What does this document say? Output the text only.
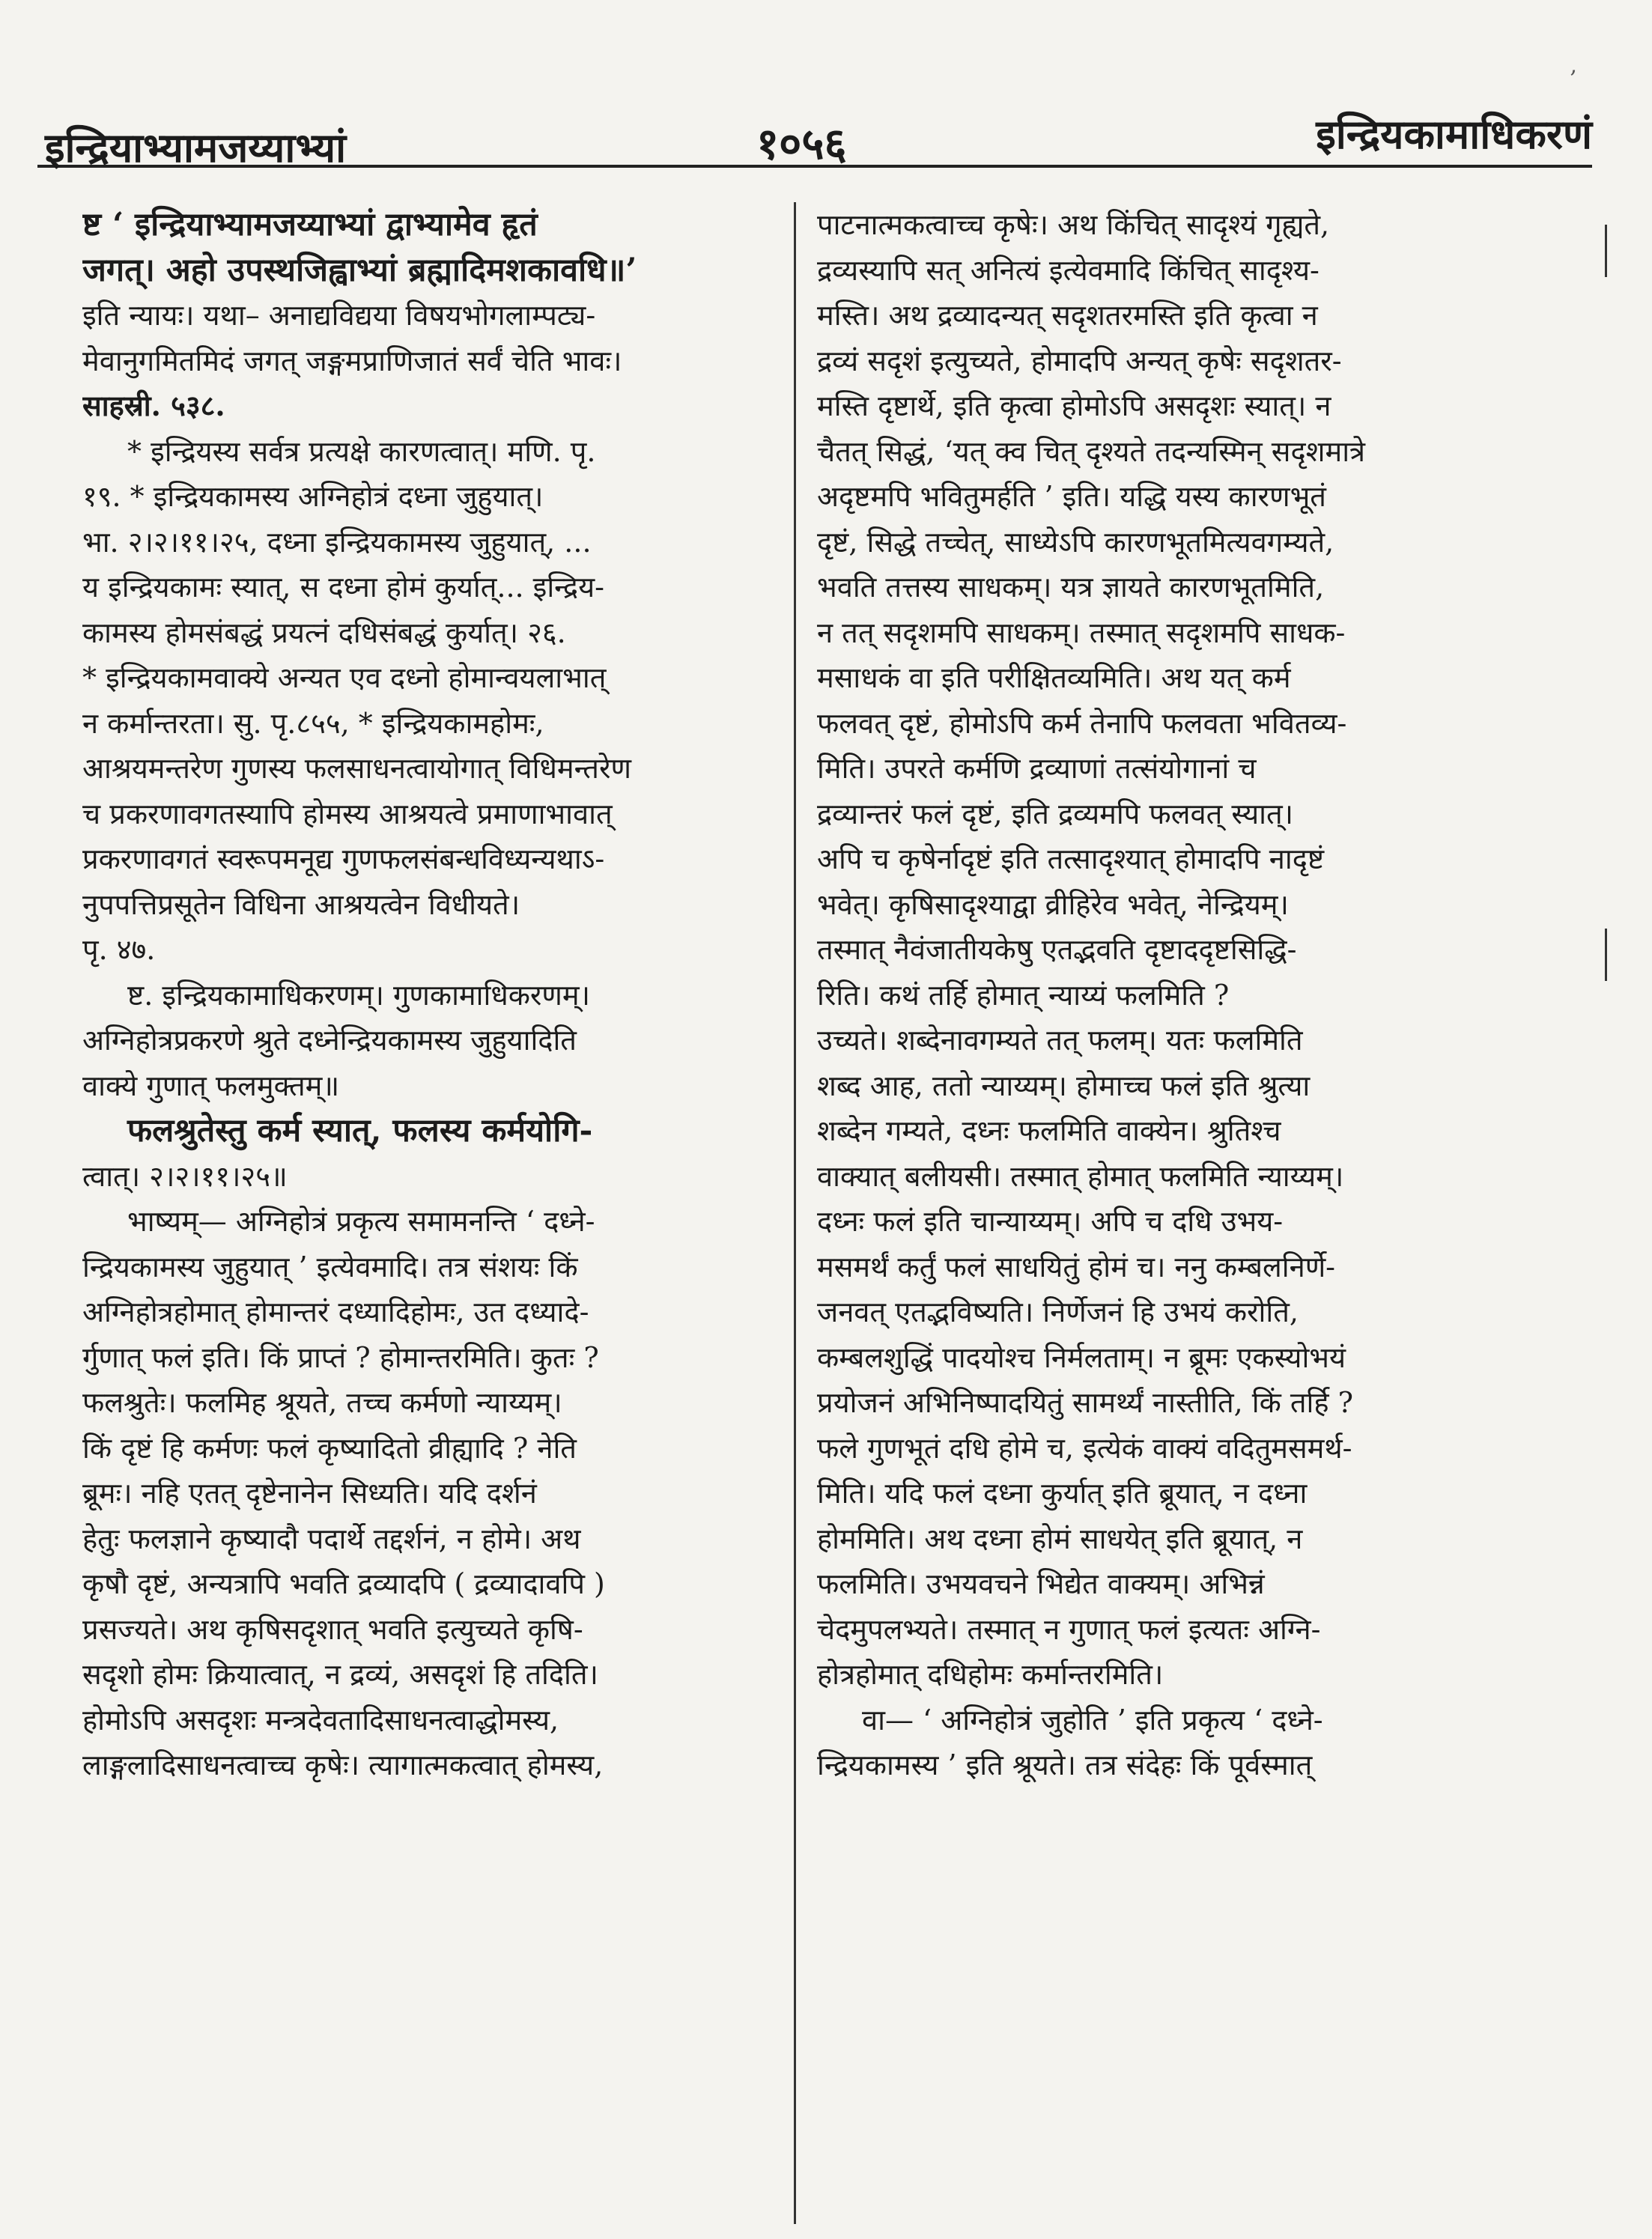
,
इन्द्रियाभ्यामजय्याभ्यां	१०५६	इन्द्रियकामाधिकरणं
ष्ट ‘ इन्द्रियाभ्यामजय्याभ्यां द्वाभ्यामेव हृतं
जगत्। अहो उपस्थजिह्वाभ्यां ब्रह्मादिमशकावधि॥’
इति न्यायः। यथा– अनाद्यविद्यया विषयभोगलाम्पट्य-
मेवानुगमितमिदं जगत् जङ्गमप्राणिजातं सर्वं चेति भावः।
साहस्री. ५३८.
* इन्द्रियस्य सर्वत्र प्रत्यक्षे कारणत्वात्। मणि. पृ.
१९. * इन्द्रियकामस्य अग्निहोत्रं दध्ना जुहुयात्।
भा. २।२।११।२५, दध्ना इन्द्रियकामस्य जुहुयात्, ...
य इन्द्रियकामः स्यात्, स दध्ना होमं कुर्यात्... इन्द्रिय-
कामस्य होमसंबद्धं प्रयत्नं दधिसंबद्धं कुर्यात्। २६.
* इन्द्रियकामवाक्ये अन्यत एव दध्नो होमान्वयलाभात्
न कर्मान्तरता। सु. पृ.८५५, * इन्द्रियकामहोमः,
आश्रयमन्तरेण गुणस्य फलसाधनत्वायोगात् विधिमन्तरेण
च प्रकरणावगतस्यापि होमस्य आश्रयत्वे प्रमाणाभावात्
प्रकरणावगतं स्वरूपमनूद्य गुणफलसंबन्धविध्यन्यथाऽ-
नुपपत्तिप्रसूतेन विधिना आश्रयत्वेन विधीयते।
पृ. ४७.
ष्ट. इन्द्रियकामाधिकरणम्। गुणकामाधिकरणम्।
अग्निहोत्रप्रकरणे श्रुते दध्नेन्द्रियकामस्य जुहुयादिति
वाक्ये गुणात् फलमुक्तम्॥
फलश्रुतेस्तु कर्म स्यात्, फलस्य कर्मयोगि-
त्वात्। २।२।११।२५॥
भाष्यम्— अग्निहोत्रं प्रकृत्य समामनन्ति ‘ दध्ने-
न्द्रियकामस्य जुहुयात् ’ इत्येवमादि। तत्र संशयः किं
अग्निहोत्रहोमात् होमान्तरं दध्यादिहोमः, उत दध्यादे-
र्गुणात् फलं इति। किं प्राप्तं ? होमान्तरमिति। कुतः ?
फलश्रुतेः। फलमिह श्रूयते, तच्च कर्मणो न्याय्यम्।
किं दृष्टं हि कर्मणः फलं कृष्यादितो व्रीह्यादि ? नेति
ब्रूमः। नहि एतत् दृष्टेनानेन सिध्यति। यदि दर्शनं
हेतुः फलज्ञाने कृष्यादौ पदार्थे तद्दर्शनं, न होमे। अथ
कृषौ दृष्टं, अन्यत्रापि भवति द्रव्यादपि ( द्रव्यादावपि )
प्रसज्यते। अथ कृषिसदृशात् भवति इत्युच्यते कृषि-
सदृशो होमः क्रियात्वात्, न द्रव्यं, असदृशं हि तदिति।
होमोऽपि असदृशः मन्त्रदेवतादिसाधनत्वाद्धोमस्य,
लाङ्गलादिसाधनत्वाच्च कृषेः। त्यागात्मकत्वात् होमस्य,
पाटनात्मकत्वाच्च कृषेः। अथ किंचित् सादृश्यं गृह्यते,
द्रव्यस्यापि सत् अनित्यं इत्येवमादि किंचित् सादृश्य-
मस्ति। अथ द्रव्यादन्यत् सदृशतरमस्ति इति कृत्वा न
द्रव्यं सदृशं इत्युच्यते, होमादपि अन्यत् कृषेः सदृशतर-
मस्ति दृष्टार्थे, इति कृत्वा होमोऽपि असदृशः स्यात्। न
चैतत् सिद्धं, ‘यत् क्व चित् दृश्यते तदन्यस्मिन् सदृशमात्रे
अदृष्टमपि भवितुमर्हति ’ इति। यद्धि यस्य कारणभूतं
दृष्टं, सिद्धे तच्चेत्, साध्येऽपि कारणभूतमित्यवगम्यते,
भवति तत्तस्य साधकम्। यत्र ज्ञायते कारणभूतमिति,
न तत् सदृशमपि साधकम्। तस्मात् सदृशमपि साधक-
मसाधकं वा इति परीक्षितव्यमिति। अथ यत् कर्म
फलवत् दृष्टं, होमोऽपि कर्म तेनापि फलवता भवितव्य-
मिति। उपरते कर्मणि द्रव्याणां तत्संयोगानां च
द्रव्यान्तरं फलं दृष्टं, इति द्रव्यमपि फलवत् स्यात्।
अपि च कृषेर्नादृष्टं इति तत्सादृश्यात् होमादपि नादृष्टं
भवेत्। कृषिसादृश्याद्वा व्रीहिरेव भवेत्, नेन्द्रियम्।
तस्मात् नैवंजातीयकेषु एतद्भवति दृष्टाददृष्टसिद्धि-
रिति। कथं तर्हि होमात् न्याय्यं फलमिति ?
उच्यते। शब्देनावगम्यते तत् फलम्। यतः फलमिति
शब्द आह, ततो न्याय्यम्। होमाच्च फलं इति श्रुत्या
शब्देन गम्यते, दध्नः फलमिति वाक्येन। श्रुतिश्च
वाक्यात् बलीयसी। तस्मात् होमात् फलमिति न्याय्यम्।
दध्नः फलं इति चान्याय्यम्। अपि च दधि उभय-
मसमर्थं कर्तुं फलं साधयितुं होमं च। ननु कम्बलनिर्णे-
जनवत् एतद्भविष्यति। निर्णेजनं हि उभयं करोति,
कम्बलशुद्धिं पादयोश्च निर्मलताम्। न ब्रूमः एकस्योभयं
प्रयोजनं अभिनिष्पादयितुं सामर्थ्यं नास्तीति, किं तर्हि ?
फले गुणभूतं दधि होमे च, इत्येकं वाक्यं वदितुमसमर्थ-
मिति। यदि फलं दध्ना कुर्यात् इति ब्रूयात्, न दध्ना
होममिति। अथ दध्ना होमं साधयेत् इति ब्रूयात्, न
फलमिति। उभयवचने भिद्येत वाक्यम्। अभिन्नं
चेदमुपलभ्यते। तस्मात् न गुणात् फलं इत्यतः अग्नि-
होत्रहोमात् दधिहोमः कर्मान्तरमिति।
वा— ‘ अग्निहोत्रं जुहोति ’ इति प्रकृत्य ‘ दध्ने-
न्द्रियकामस्य ’ इति श्रूयते। तत्र संदेहः किं पूर्वस्मात्
